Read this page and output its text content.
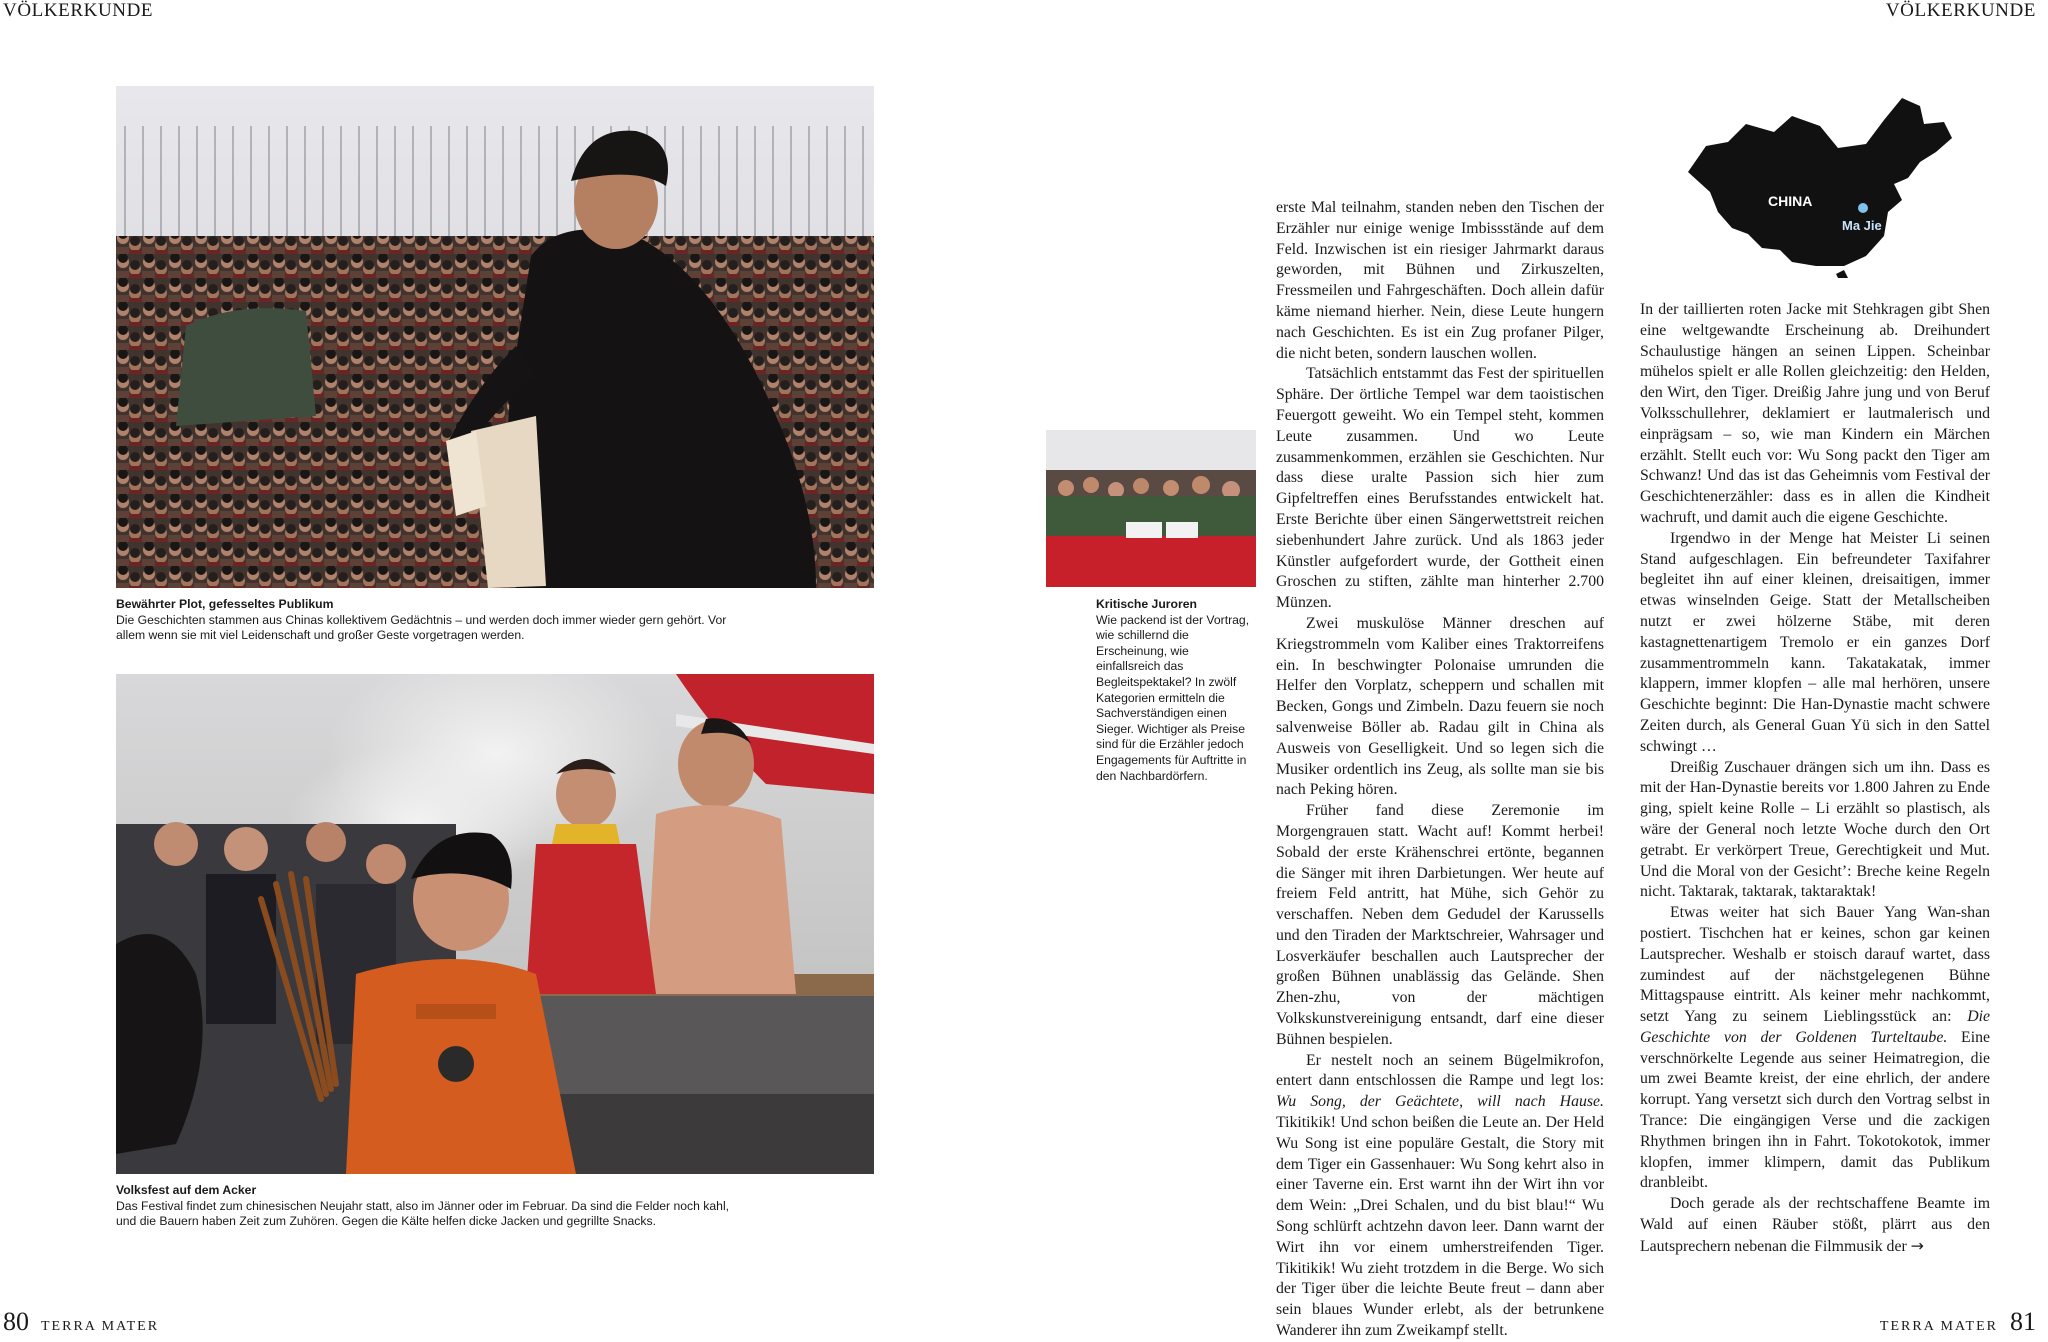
VÖLKERKUNDE	VÖLKERKUNDE
Bewährter Plot, gefesseltes Publikum
Die Geschichten stammen aus Chinas kollektivem Gedächtnis – und werden doch immer wieder gern gehört. Vor allem wenn sie mit viel Leidenschaft und großer Geste vorgetragen werden.
Volksfest auf dem Acker
Das Festival findet zum chinesischen Neujahr statt, also im Jänner oder im Februar. Da sind die Felder noch kahl, und die Bauern haben Zeit zum Zuhören. Gegen die Kälte helfen dicke Jacken und gegrillte Snacks.
Kritische Juroren
Wie packend ist der Vortrag, wie schillernd die Erscheinung, wie einfallsreich das Begleitspektakel? In zwölf Kategorien ermitteln die Sachverständigen einen Sieger. Wichtiger als Preise sind für die Erzähler jedoch Engagements für Auftritte in den Nachbardörfern.
CHINA
Ma Jie

erste Mal teilnahm, standen neben den Tischen der Erzähler nur einige wenige Imbissstände auf dem Feld. Inzwischen ist ein riesiger Jahrmarkt daraus geworden, mit Bühnen und Zirkuszelten, Fressmeilen und Fahrgeschäften. Doch allein dafür käme niemand hierher. Nein, diese Leute hungern nach Geschichten. Es ist ein Zug profaner Pilger, die nicht beten, sondern lauschen wollen.

Tatsächlich entstammt das Fest der spirituellen Sphäre. Der örtliche Tempel war dem taoistischen Feuergott geweiht. Wo ein Tempel steht, kommen Leute zusammen. Und wo Leute zusammenkommen, erzählen sie Geschichten. Nur dass diese uralte Passion sich hier zum Gipfeltreffen eines Berufsstandes entwickelt hat. Erste Berichte über einen Sängerwettstreit reichen siebenhundert Jahre zurück. Und als 1863 jeder Künstler aufgefordert wurde, der Gottheit einen Groschen zu stiften, zählte man hinterher 2.700 Münzen.

Zwei muskulöse Männer dreschen auf Kriegstrommeln vom Kaliber eines Traktorreifens ein. In beschwingter Polonaise umrunden die Helfer den Vorplatz, scheppern und schallen mit Becken, Gongs und Zimbeln. Dazu feuern sie noch salvenweise Böller ab. Radau gilt in China als Ausweis von Geselligkeit. Und so legen sich die Musiker ordentlich ins Zeug, als sollte man sie bis nach Peking hören.

Früher fand diese Zeremonie im Morgengrauen statt. Wacht auf! Kommt herbei! Sobald der erste Krähenschrei ertönte, begannen die Sänger mit ihren Darbietungen. Wer heute auf freiem Feld antritt, hat Mühe, sich Gehör zu verschaffen. Neben dem Gedudel der Karussells und den Tiraden der Marktschreier, Wahrsager und Losverkäufer beschallen auch Lautsprecher der großen Bühnen unablässig das Gelände. Shen Zhen-zhu, von der mächtigen Volkskunstvereinigung entsandt, darf eine dieser Bühnen bespielen.

Er nestelt noch an seinem Bügelmikrofon, entert dann entschlossen die Rampe und legt los: Wu Song, der Geächtete, will nach Hause. Tikitikik! Und schon beißen die Leute an. Der Held Wu Song ist eine populäre Gestalt, die Story mit dem Tiger ein Gassenhauer: Wu Song kehrt also in einer Taverne ein. Erst warnt ihn der Wirt ihn vor dem Wein: „Drei Schalen, und du bist blau!“ Wu Song schlürft achtzehn davon leer. Dann warnt der Wirt ihn vor einem umherstreifenden Tiger. Tikitikik! Wu zieht trotzdem in die Berge. Wo sich der Tiger über die leichte Beute freut – dann aber sein blaues Wunder erlebt, als der betrunkene Wanderer ihn zum Zweikampf stellt.

In der taillierten roten Jacke mit Stehkragen gibt Shen eine weltgewandte Erscheinung ab. Dreihundert Schaulustige hängen an seinen Lippen. Scheinbar mühelos spielt er alle Rollen gleichzeitig: den Helden, den Wirt, den Tiger. Dreißig Jahre jung und von Beruf Volksschullehrer, deklamiert er lautmalerisch und einprägsam – so, wie man Kindern ein Märchen erzählt. Stellt euch vor: Wu Song packt den Tiger am Schwanz! Und das ist das Geheimnis vom Festival der Geschichtenerzähler: dass es in allen die Kindheit wachruft, und damit auch die eigene Geschichte.

Irgendwo in der Menge hat Meister Li seinen Stand aufgeschlagen. Ein befreundeter Taxifahrer begleitet ihn auf einer kleinen, dreisaitigen, immer etwas winselnden Geige. Statt der Metallscheiben nutzt er zwei hölzerne Stäbe, mit deren kastagnettenartigem Tremolo er ein ganzes Dorf zusammentrommeln kann. Takatakatak, immer klappern, immer klopfen – alle mal herhören, unsere Geschichte beginnt: Die Han-Dynastie macht schwere Zeiten durch, als General Guan Yü sich in den Sattel schwingt …

Dreißig Zuschauer drängen sich um ihn. Dass es mit der Han-Dynastie bereits vor 1.800 Jahren zu Ende ging, spielt keine Rolle – Li erzählt so plastisch, als wäre der General noch letzte Woche durch den Ort getrabt. Er verkörpert Treue, Gerechtigkeit und Mut. Und die Moral von der Gesicht’: Breche keine Regeln nicht. Taktarak, taktarak, taktaraktak!

Etwas weiter hat sich Bauer Yang Wan-shan postiert. Tischchen hat er keines, schon gar keinen Lautsprecher. Weshalb er stoisch darauf wartet, dass zumindest auf der nächstgelegenen Bühne Mittagspause eintritt. Als keiner mehr nachkommt, setzt Yang zu seinem Lieblingsstück an: Die Geschichte von der Goldenen Turteltaube. Eine verschnörkelte Legende aus seiner Heimatregion, die um zwei Beamte kreist, der eine ehrlich, der andere korrupt. Yang versetzt sich durch den Vortrag selbst in Trance: Die eingängigen Verse und die zackigen Rhythmen bringen ihn in Fahrt. Tokotokotok, immer klopfen, immer klimpern, damit das Publikum dranbleibt.

Doch gerade als der rechtschaffene Beamte im Wald auf einen Räuber stößt, plärrt aus den Lautsprechern nebenan die Filmmusik der →

80 TERRA MATER	81
TERRA MATER
